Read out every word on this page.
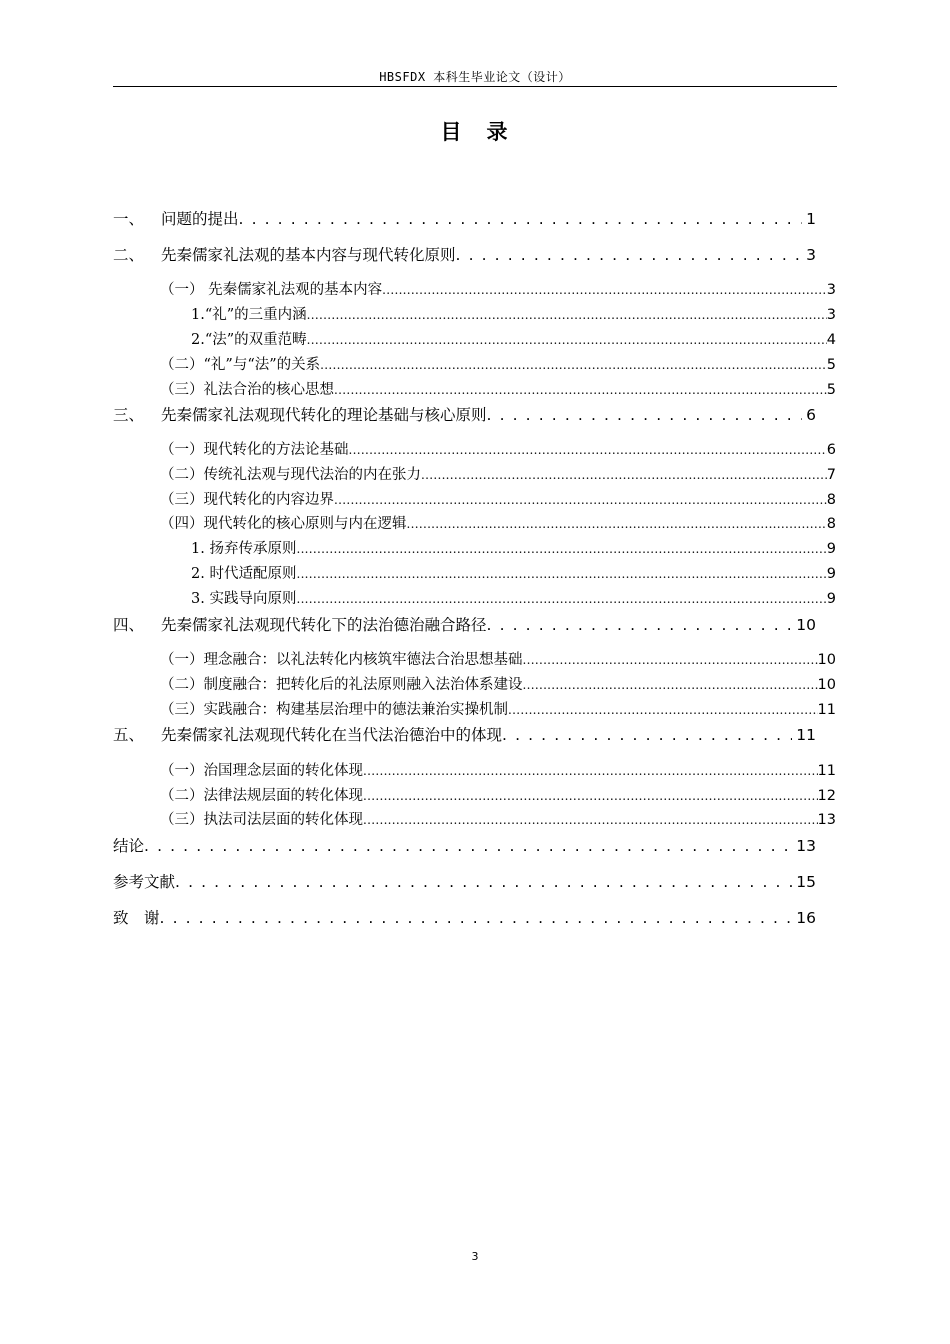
HBSFDX 本科生毕业论文（设计）
目　录
一、 问题的提出 . . .	1
二、 先秦儒家礼法观的基本内容与现代转化原则 . . .	3
（一） 先秦儒家礼法观的基本内容 .....	3
1.“礼”的三重内涵 .....	3
2.“法”的双重范畴 .....	4
（二）“礼”与“法”的关系 .....	5
（三）礼法合治的核心思想 .....	5
三、 先秦儒家礼法观现代转化的理论基础与核心原则 . . .	6
（一）现代转化的方法论基础 .....	6
（二）传统礼法观与现代法治的内在张力 .....	7
（三）现代转化的内容边界 .....	8
（四）现代转化的核心原则与内在逻辑 .....	8
1. 扬弃传承原则 .....	9
2. 时代适配原则 .....	9
3. 实践导向原则 .....	9
四、 先秦儒家礼法观现代转化下的法治德治融合路径 . . .	10
（一）理念融合：以礼法转化内核筑牢德法合治思想基础 .....	10
（二）制度融合：把转化后的礼法原则融入法治体系建设 .....	10
（三）实践融合：构建基层治理中的德法兼治实操机制 .....	11
五、 先秦儒家礼法观现代转化在当代法治德治中的体现 . . .	11
（一）治国理念层面的转化体现 .....	11
（二）法律法规层面的转化体现 .....	12
（三）执法司法层面的转化体现 .....	13
结论 . . .	13
参考文献 . . .	15
致　谢 . . .	16
3
